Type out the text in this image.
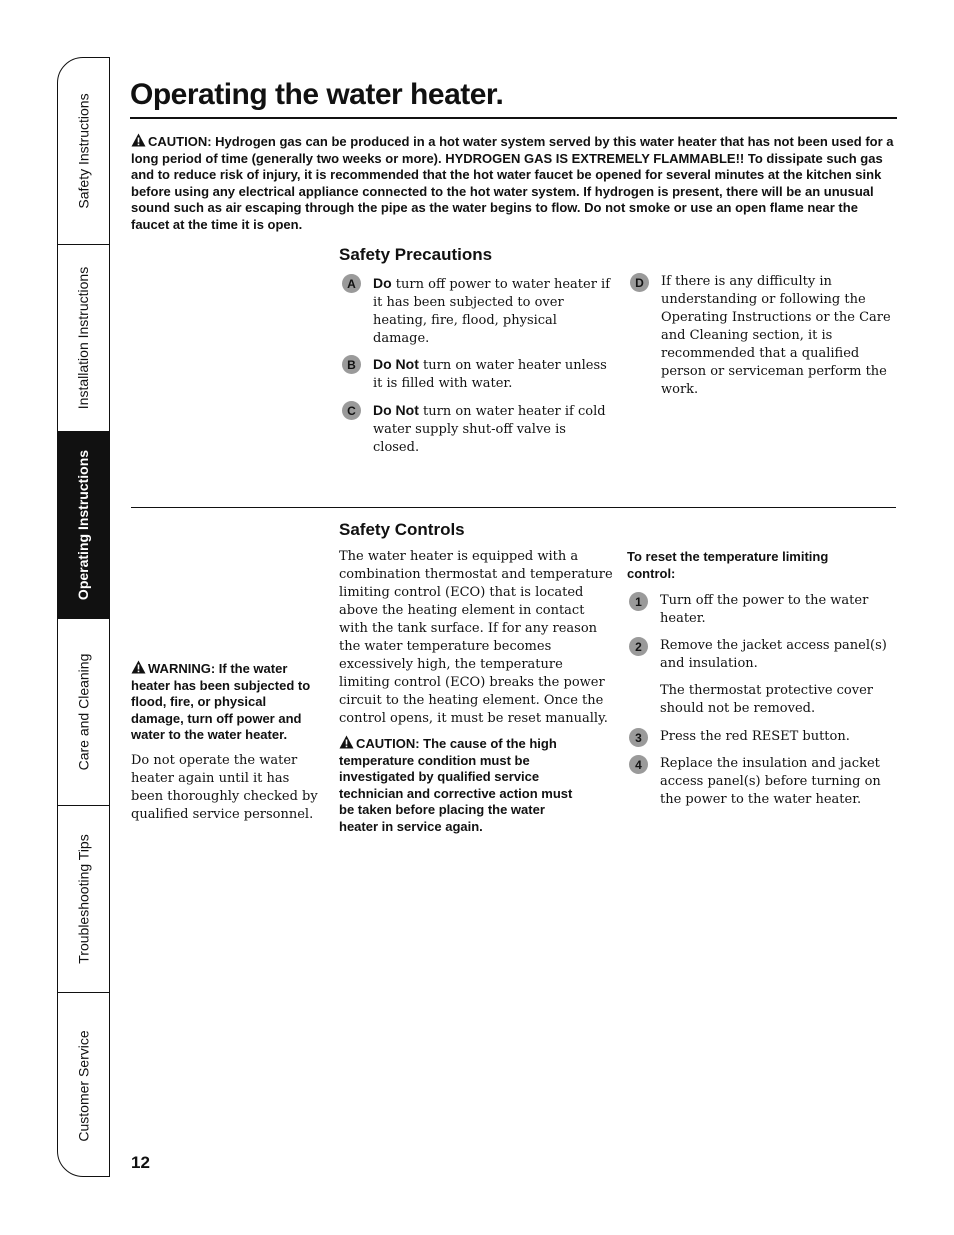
Safety Instructions
Installation Instructions
Operating Instructions
Care and Cleaning
Troubleshooting Tips
Customer Service
Operating the water heater.
CAUTION: Hydrogen gas can be produced in a hot water system served by this water heater that has not been used for a long period of time (generally two weeks or more). HYDROGEN GAS IS EXTREMELY FLAMMABLE!! To dissipate such gas and to reduce risk of injury, it is recommended that the hot water faucet be opened for several minutes at the kitchen sink before using any electrical appliance connected to the hot water system. If hydrogen is present, there will be an unusual sound such as air escaping through the pipe as the water begins to flow. Do not smoke or use an open flame near the faucet at the time it is open.
Safety Precautions
A	Do turn off power to water heater if it has been subjected to over heating, fire, flood, physical damage.
B	Do Not turn on water heater unless it is filled with water.
C	Do Not turn on water heater if cold water supply shut-off valve is closed.
D	If there is any difficulty in understanding or following the Operating Instructions or the Care and Cleaning section, it is recommended that a qualified person or serviceman perform the work.
WARNING: If the water heater has been subjected to flood, fire, or physical damage, turn off power and water to the water heater.
Do not operate the water heater again until it has been thoroughly checked by qualified service personnel.
Safety Controls
The water heater is equipped with a combination thermostat and temperature limiting control (ECO) that is located above the heating element in contact with the tank surface. If for any reason the water temperature becomes excessively high, the temperature limiting control (ECO) breaks the power circuit to the heating element. Once the control opens, it must be reset manually.
CAUTION: The cause of the high temperature condition must be investigated by qualified service technician and corrective action must be taken before placing the water heater in service again.
To reset the temperature limiting control:
1	Turn off the power to the water heater.
2	Remove the jacket access panel(s) and insulation.
The thermostat protective cover should not be removed.
3	Press the red RESET button.
4	Replace the insulation and jacket access panel(s) before turning on the power to the water heater.
12
